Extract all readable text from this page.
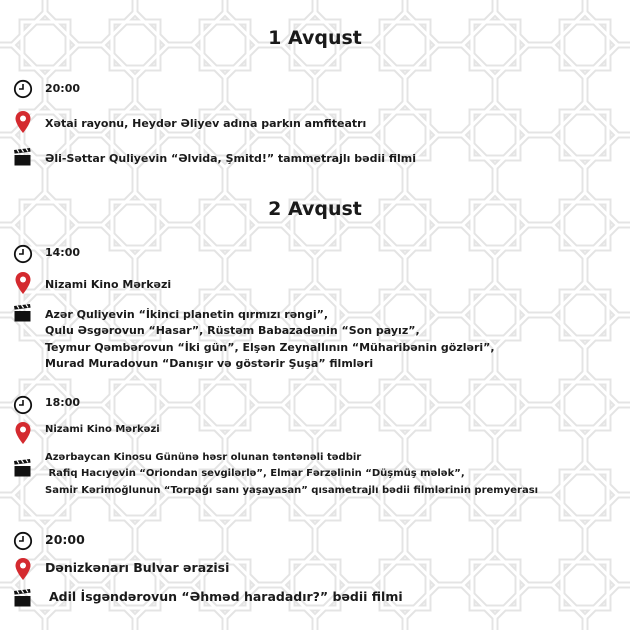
1 Avqust
20:00
Xətai rayonu, Heydər Əliyev adına parkın amfiteatrı
Əli-Səttar Quliyevin “Əlvida, Şmitd!” tammetrajlı bədii filmi
2 Avqust
14:00
Nizami Kino Mərkəzi
Azər Quliyevin “İkinci planetin qırmızı rəngi”,
Qulu Əsgərovun “Hasar”, Rüstəm Babazadənin “Son payız”,
Teymur Qəmbərovun “İki gün”, Elşən Zeynallının “Müharibənin gözləri”,
Murad Muradovun “Danışır və göstərir Şuşa” filmləri
18:00
Nizami Kino Mərkəzi
Azərbaycan Kinosu Gününə həsr olunan təntənəli tədbir
Rafiq Hacıyevin “Oriondan sevgilərlə”, Elmar Fərzəlinin “Düşmüş mələk”,
Samir Kərimoğlunun “Torpağı sanı yaşayasan” qısametrajlı bədii filmlərinin premyerası
20:00
Dənizkənarı Bulvar ərazisi
Adil İsgəndərovun “Əhməd haradadır?” bədii filmi
